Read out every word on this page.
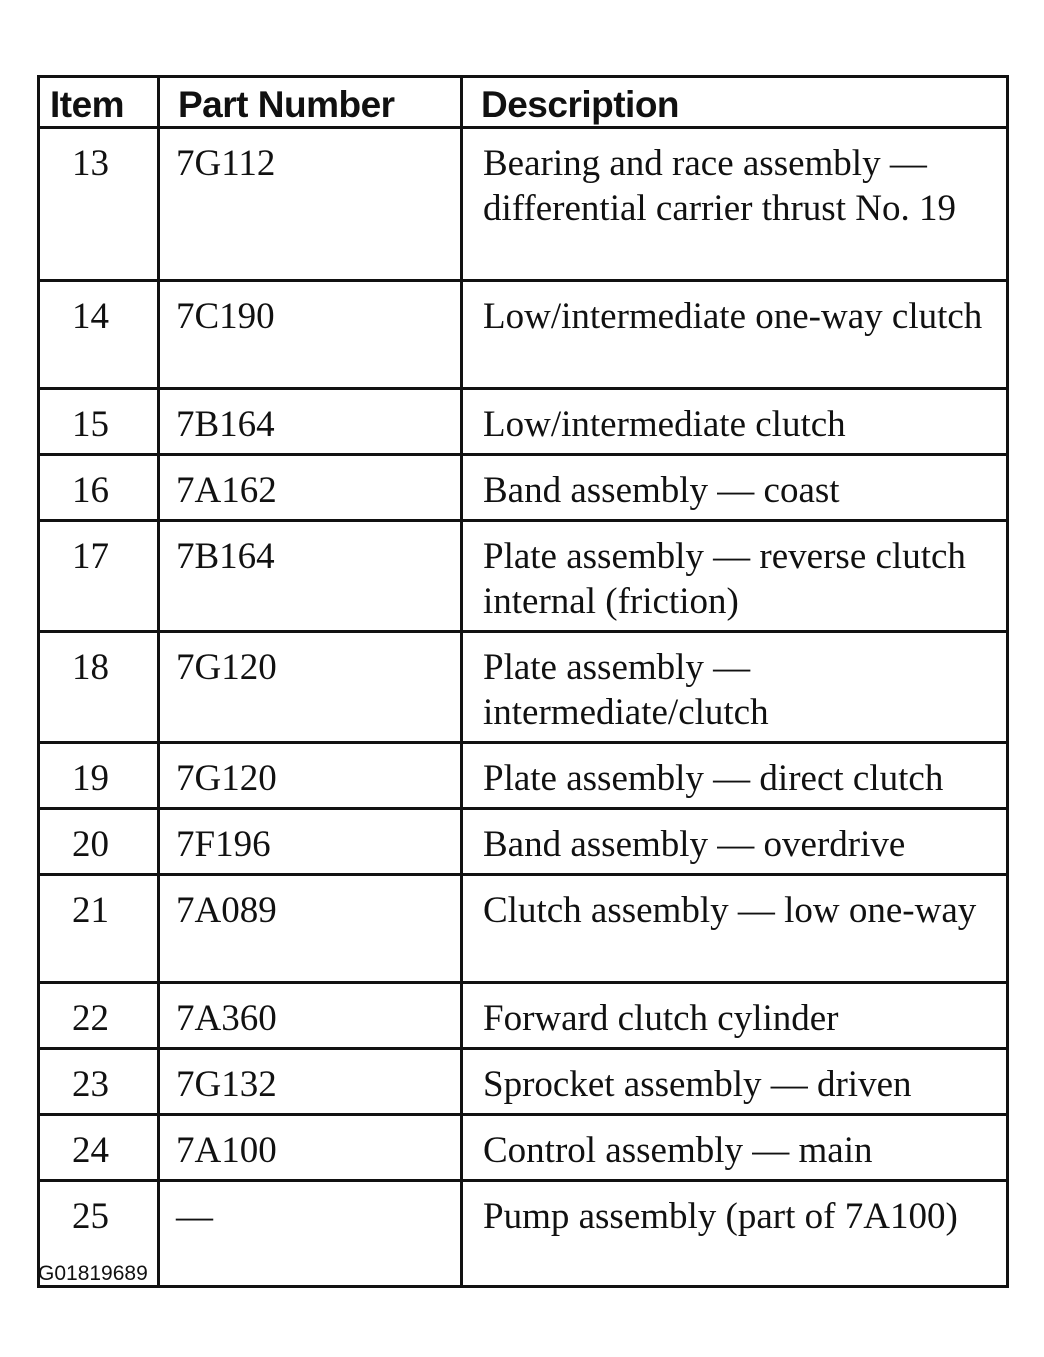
Item	Part Number	Description
13	7G112	Bearing and race assembly — differential carrier thrust No. 19
14	7C190	Low/intermediate one-way clutch
15	7B164	Low/intermediate clutch
16	7A162	Band assembly — coast
17	7B164	Plate assembly — reverse clutch internal (friction)
18	7G120	Plate assembly — intermediate/clutch
19	7G120	Plate assembly — direct clutch
20	7F196	Band assembly — overdrive
21	7A089	Clutch assembly — low one-way
22	7A360	Forward clutch cylinder
23	7G132	Sprocket assembly — driven
24	7A100	Control assembly — main
25	—	Pump assembly (part of 7A100)
G01819689
